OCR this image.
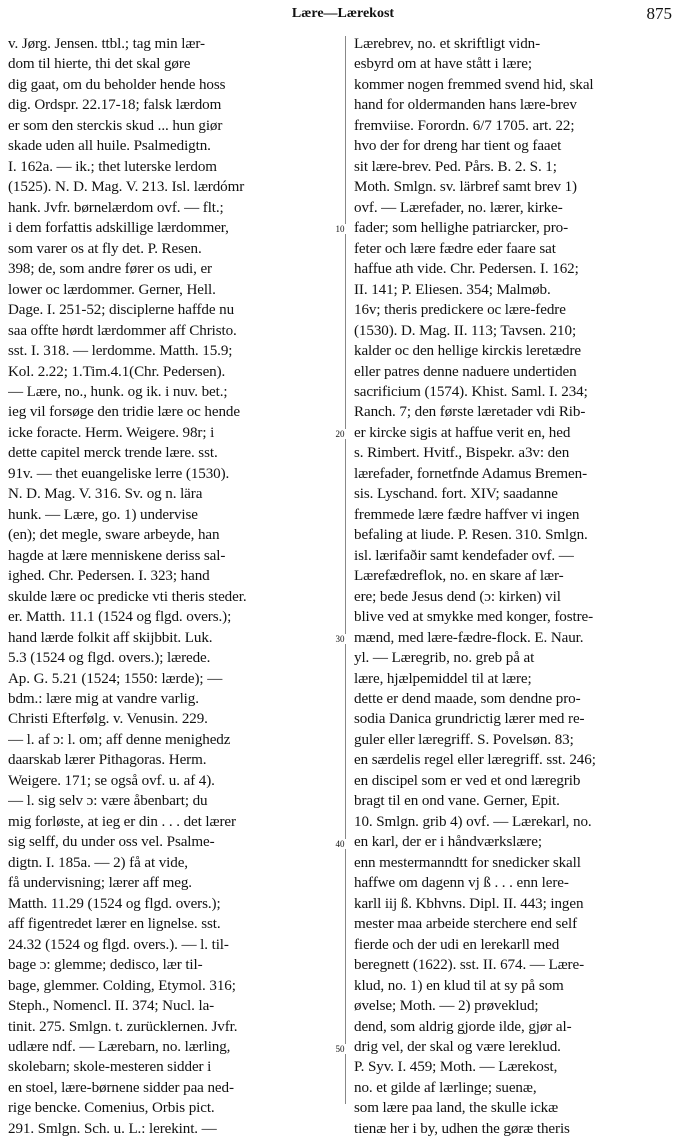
Lære—Lærekost	875
v. Jørg. Jensen. ttbl.; tag min lær-
dom til hierte, thi det skal gøre
dig gaat, om du beholder hende hoss
dig. Ordspr. 22.17-18; falsk lærdom
er som den sterckis skud ... hun giør
skade uden all huile. Psalmedigtn.
I. 162a. — ik.; thet luterske lerdom
(1525). N. D. Mag. V. 213. Isl. lærdómr
hank. Jvfr. børnelærdom ovf. — flt.;
i dem forfattis adskillige lærdommer,
som varer os at fly det. P. Resen.
398; de, som andre fører os udi, er
lower oc lærdommer. Gerner, Hell.
Dage. I. 251-52; disciplerne haffde nu
saa offte hørdt lærdommer aff Christo.
sst. I. 318. — lerdomme. Matth. 15.9;
Kol. 2.22; 1.Tim.4.1(Chr. Pedersen).
— Lære, no., hunk. og ik. i nuv. bet.;
ieg vil forsøge den tridie lære oc hende
icke foracte. Herm. Weigere. 98r; i
dette capitel merck trende lære. sst.
91v. — thet euangeliske lerre (1530).
N. D. Mag. V. 316. Sv. og n. lära
hunk. — Lære, go. 1) undervise
(en); det megle, sware arbeyde, han
hagde at lære menniskene deriss sal-
ighed. Chr. Pedersen. I. 323; hand
skulde lære oc predicke vti theris steder.
er. Matth. 11.1 (1524 og flgd. overs.);
hand lærde folkit aff skijbbit. Luk.
5.3 (1524 og flgd. overs.); lærede.
Ap. G. 5.21 (1524; 1550: lærde); —
bdm.: lære mig at vandre varlig.
Christi Efterfølg. v. Venusin. 229.
— l. af ɔ: l. om; aff denne menighedz
daarskab lærer Pithagoras. Herm.
Weigere. 171; se også ovf. u. af 4).
— l. sig selv ɔ: være åbenbart; du
mig forløste, at ieg er din . . . det lærer
sig selff, du under oss vel. Psalme-
digtn. I. 185a. — 2) få at vide,
få undervisning; lærer aff meg.
Matth. 11.29 (1524 og flgd. overs.);
aff figentredet lærer en lignelse. sst.
24.32 (1524 og flgd. overs.). — l. til-
bage ɔ: glemme; dedisco, lær til-
bage, glemmer. Colding, Etymol. 316;
Steph., Nomencl. II. 374; Nucl. la-
tinit. 275. Smlgn. t. zurücklernen. Jvfr.
udlære ndf. — Lærebarn, no. lærling,
skolebarn; skole-mesteren sidder i
en stoel, lære-børnene sidder paa ned-
rige bencke. Comenius, Orbis pict.
291. Smlgn. Sch. u. L.: lerekint. —
Lærebrev, no. et skriftligt vidn-
esbyrd om at have stått i lære;
kommer nogen fremmed svend hid, skal
hand for oldermanden hans lære-brev
fremviise. Forordn. 6/7 1705. art. 22;
hvo der for dreng har tient og faaet
sit lære-brev. Ped. Pårs. B. 2. S. 1;
Moth. Smlgn. sv. lärbref samt brev 1)
ovf. — Lærefader, no. lærer, kirke-
fader; som hellighe patriarcker, pro-
feter och lære fædre eder faare sat
haffue ath vide. Chr. Pedersen. I. 162;
II. 141; P. Eliesen. 354; Malmøb.
16v; theris predickere oc lære-fedre
(1530). D. Mag. II. 113; Tavsen. 210;
kalder oc den hellige kirckis leretædre
eller patres denne naduere undertiden
sacrificium (1574). Khist. Saml. I. 234;
Ranch. 7; den første læretader vdi Rib-
er kircke sigis at haffue verit en, hed
s. Rimbert. Hvitf., Bispekr. a3v: den
lærefader, fornetfnde Adamus Bremen-
sis. Lyschand. fort. XIV; saadanne
fremmede lære fædre haffver vi ingen
befaling at liude. P. Resen. 310. Smlgn.
isl. lærifaðir samt kendefader ovf. —
Lærefædreflok, no. en skare af lær-
ere; bede Jesus dend (ɔ: kirken) vil
blive ved at smykke med konger, fostre-
mænd, med lære-fædre-flock. E. Naur.
yl. — Læregrib, no. greb på at
lære, hjælpemiddel til at lære;
dette er dend maade, som dendne pro-
sodia Danica grundrictig lærer med re-
guler eller læregriff. S. Povelsøn. 83;
en særdelis regel eller læregriff. sst. 246;
en discipel som er ved et ond læregrib
bragt til en ond vane. Gerner, Epit.
10. Smlgn. grib 4) ovf. — Lærekarl, no.
en karl, der er i håndværkslære;
enn mestermanndtt for snedicker skall
haffwe om dagenn vj ß . . . enn lere-
karll iij ß. Kbhvns. Dipl. II. 443; ingen
mester maa arbeide sterchere end self
fierde och der udi en lerekarll med
beregnett (1622). sst. II. 674. — Lære-
klud, no. 1) en klud til at sy på som
øvelse; Moth. — 2) prøveklud;
dend, som aldrig gjorde ilde, gjør al-
drig vel, der skal og være lereklud.
P. Syv. I. 459; Moth. — Lærekost,
no. et gilde af lærlinge; suenæ,
som lære paa land, the skulle ickæ
tienæ her i by, udhen the gøræ theris
10
20
30
40
50
